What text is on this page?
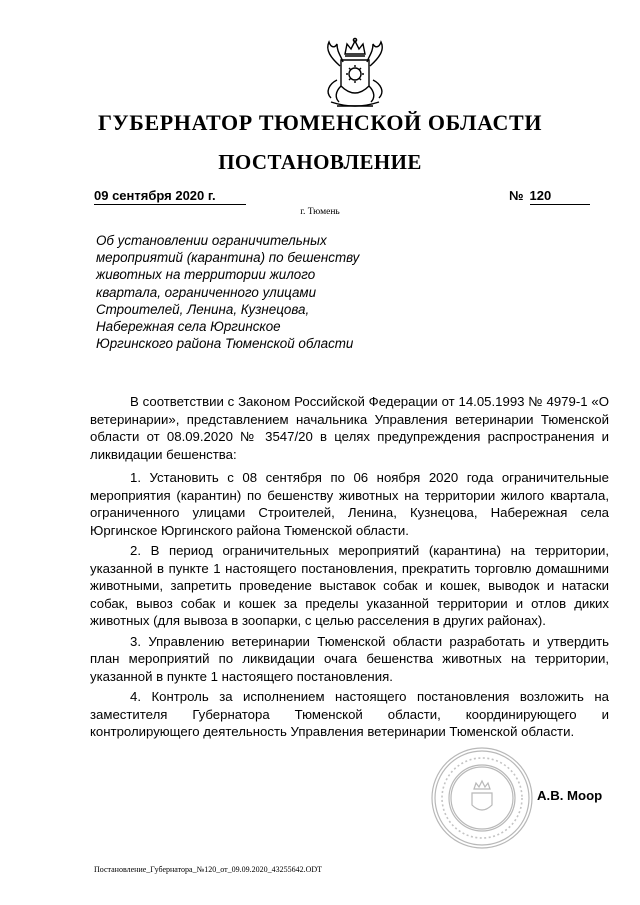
ГУБЕРНАТОР ТЮМЕНСКОЙ ОБЛАСТИ
ПОСТАНОВЛЕНИЕ
09 сентября 2020 г.	№ 120
г. Тюмень
Об установлении ограничительных
мероприятий (карантина) по бешенству
животных на территории жилого
квартала, ограниченного улицами
Строителей, Ленина, Кузнецова,
Набережная села Юргинское
Юргинского района Тюменской области

В соответствии с Законом Российской Федерации от 14.05.1993 № 4979-1 «О ветеринарии», представлением начальника Управления ветеринарии Тюменской области от 08.09.2020 № 3547/20 в целях предупреждения распространения и ликвидации бешенства:

1. Установить с 08 сентября по 06 ноября 2020 года ограничительные мероприятия (карантин) по бешенству животных на территории жилого квартала, ограниченного улицами Строителей, Ленина, Кузнецова, Набережная села Юргинское Юргинского района Тюменской области.

2. В период ограничительных мероприятий (карантина) на территории, указанной в пункте 1 настоящего постановления, прекратить торговлю домашними животными, запретить проведение выставок собак и кошек, выводок и натаски собак, вывоз собак и кошек за пределы указанной территории и отлов диких животных (для вывоза в зоопарки, с целью расселения в других районах).

3. Управлению ветеринарии Тюменской области разработать и утвердить план мероприятий по ликвидации очага бешенства животных на территории, указанной в пункте 1 настоящего постановления.

4. Контроль за исполнением настоящего постановления возложить на заместителя Губернатора Тюменской области, координирующего и контролирующего деятельность Управления ветеринарии Тюменской области.

А.В. Моор
Постановление_Губернатора_№120_от_09.09.2020_43255642.ODT
